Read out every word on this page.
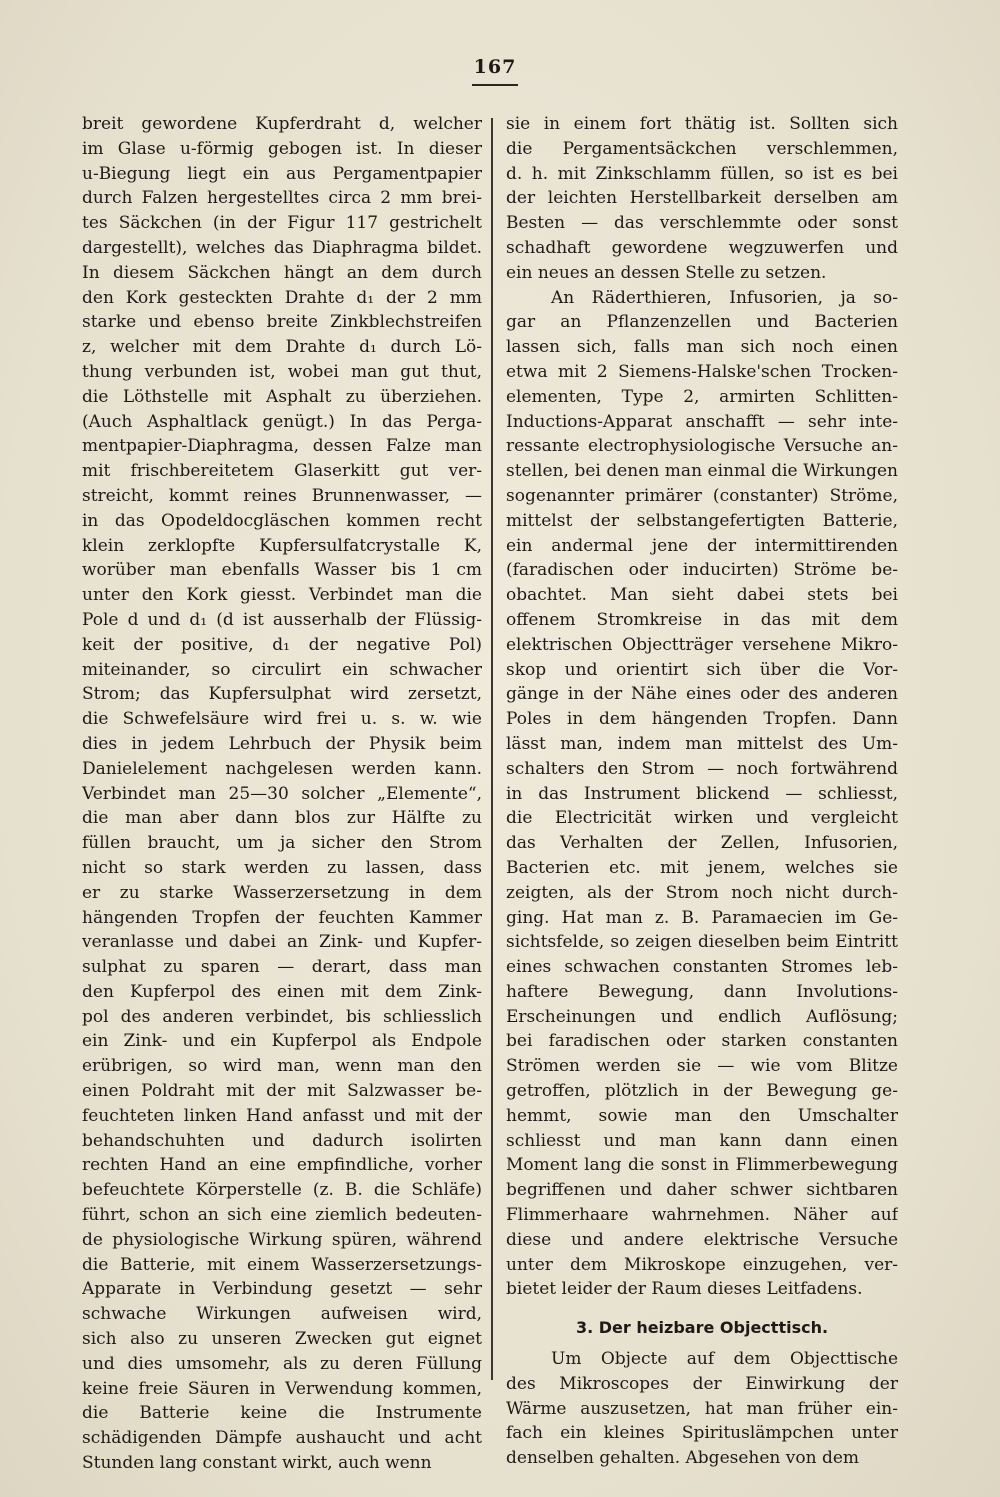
167
breit gewordene Kupferdraht d, welcher
im Glase u-förmig gebogen ist. In dieser
u-Biegung liegt ein aus Pergamentpapier
durch Falzen hergestelltes circa 2 mm brei-
tes Säckchen (in der Figur 117 gestrichelt
dargestellt), welches das Diaphragma bildet.
In diesem Säckchen hängt an dem durch
den Kork gesteckten Drahte d₁ der 2 mm
starke und ebenso breite Zinkblechstreifen
z, welcher mit dem Drahte d₁ durch Lö-
thung verbunden ist, wobei man gut thut,
die Löthstelle mit Asphalt zu überziehen.
(Auch Asphaltlack genügt.) In das Perga-
mentpapier-Diaphragma, dessen Falze man
mit frischbereitetem Glaserkitt gut ver-
streicht, kommt reines Brunnenwasser, —
in das Opodeldocgläschen kommen recht
klein zerklopfte Kupfersulfatcrystalle K,
worüber man ebenfalls Wasser bis 1 cm
unter den Kork giesst. Verbindet man die
Pole d und d₁ (d ist ausserhalb der Flüssig-
keit der positive, d₁ der negative Pol)
miteinander, so circulirt ein schwacher
Strom; das Kupfersulphat wird zersetzt,
die Schwefelsäure wird frei u. s. w. wie
dies in jedem Lehrbuch der Physik beim
Danielelement nachgelesen werden kann.
Verbindet man 25—30 solcher „Elemente“,
die man aber dann blos zur Hälfte zu
füllen braucht, um ja sicher den Strom
nicht so stark werden zu lassen, dass
er zu starke Wasserzersetzung in dem
hängenden Tropfen der feuchten Kammer
veranlasse und dabei an Zink- und Kupfer-
sulphat zu sparen — derart, dass man
den Kupferpol des einen mit dem Zink-
pol des anderen verbindet, bis schliesslich
ein Zink- und ein Kupferpol als Endpole
erübrigen, so wird man, wenn man den
einen Poldraht mit der mit Salzwasser be-
feuchteten linken Hand anfasst und mit der
behandschuhten und dadurch isolirten
rechten Hand an eine empfindliche, vorher
befeuchtete Körperstelle (z. B. die Schläfe)
führt, schon an sich eine ziemlich bedeuten-
de physiologische Wirkung spüren, während
die Batterie, mit einem Wasserzersetzungs-
Apparate in Verbindung gesetzt — sehr
schwache Wirkungen aufweisen wird,
sich also zu unseren Zwecken gut eignet
und dies umsomehr, als zu deren Füllung
keine freie Säuren in Verwendung kommen,
die Batterie keine die Instrumente
schädigenden Dämpfe aushaucht und acht
Stunden lang constant wirkt, auch wenn
sie in einem fort thätig ist. Sollten sich
die Pergamentsäckchen verschlemmen,
d. h. mit Zinkschlamm füllen, so ist es bei
der leichten Herstellbarkeit derselben am
Besten — das verschlemmte oder sonst
schadhaft gewordene wegzuwerfen und
ein neues an dessen Stelle zu setzen.
An Räderthieren, Infusorien, ja so-
gar an Pflanzenzellen und Bacterien
lassen sich, falls man sich noch einen
etwa mit 2 Siemens-Halske'schen Trocken-
elementen, Type 2, armirten Schlitten-
Inductions-Apparat anschafft — sehr inte-
ressante electrophysiologische Versuche an-
stellen, bei denen man einmal die Wirkungen
sogenannter primärer (constanter) Ströme,
mittelst der selbstangefertigten Batterie,
ein andermal jene der intermittirenden
(faradischen oder inducirten) Ströme be-
obachtet. Man sieht dabei stets bei
offenem Stromkreise in das mit dem
elektrischen Objectträger versehene Mikro-
skop und orientirt sich über die Vor-
gänge in der Nähe eines oder des anderen
Poles in dem hängenden Tropfen. Dann
lässt man, indem man mittelst des Um-
schalters den Strom — noch fortwährend
in das Instrument blickend — schliesst,
die Electricität wirken und vergleicht
das Verhalten der Zellen, Infusorien,
Bacterien etc. mit jenem, welches sie
zeigten, als der Strom noch nicht durch-
ging. Hat man z. B. Paramaecien im Ge-
sichtsfelde, so zeigen dieselben beim Eintritt
eines schwachen constanten Stromes leb-
haftere Bewegung, dann Involutions-
Erscheinungen und endlich Auflösung;
bei faradischen oder starken constanten
Strömen werden sie — wie vom Blitze
getroffen, plötzlich in der Bewegung ge-
hemmt, sowie man den Umschalter
schliesst und man kann dann einen
Moment lang die sonst in Flimmerbewegung
begriffenen und daher schwer sichtbaren
Flimmerhaare wahrnehmen. Näher auf
diese und andere elektrische Versuche
unter dem Mikroskope einzugehen, ver-
bietet leider der Raum dieses Leitfadens.
3. Der heizbare Objecttisch.
Um Objecte auf dem Objecttische
des Mikroscopes der Einwirkung der
Wärme auszusetzen, hat man früher ein-
fach ein kleines Spirituslämpchen unter
denselben gehalten. Abgesehen von dem
